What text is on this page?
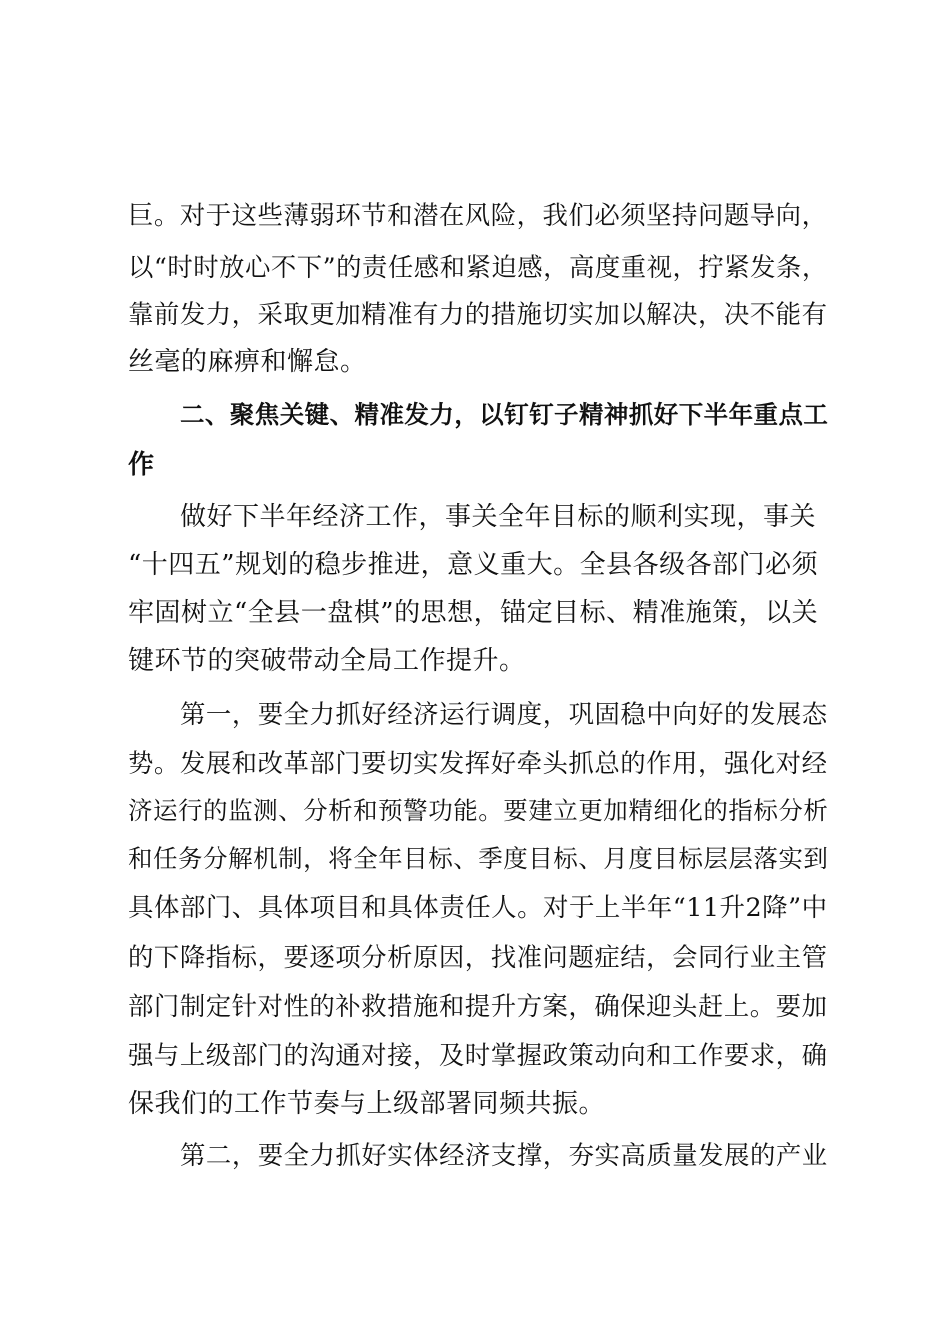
巨。对于这些薄弱环节和潜在风险，我们必须坚持问题导向，
以“时时放心不下”的责任感和紧迫感，高度重视，拧紧发条，
靠前发力，采取更加精准有力的措施切实加以解决，决不能有
丝毫的麻痹和懈怠。
二、聚焦关键、精准发力，以钉钉子精神抓好下半年重点工
作
做好下半年经济工作，事关全年目标的顺利实现，事关
“十四五”规划的稳步推进，意义重大。全县各级各部门必须
牢固树立“全县一盘棋”的思想，锚定目标、精准施策，以关
键环节的突破带动全局工作提升。
第一，要全力抓好经济运行调度，巩固稳中向好的发展态
势。发展和改革部门要切实发挥好牵头抓总的作用，强化对经
济运行的监测、分析和预警功能。要建立更加精细化的指标分析
和任务分解机制，将全年目标、季度目标、月度目标层层落实到
具体部门、具体项目和具体责任人。对于上半年“11升2降”中
的下降指标，要逐项分析原因，找准问题症结，会同行业主管
部门制定针对性的补救措施和提升方案，确保迎头赶上。要加
强与上级部门的沟通对接，及时掌握政策动向和工作要求，确
保我们的工作节奏与上级部署同频共振。
第二，要全力抓好实体经济支撑，夯实高质量发展的产业
